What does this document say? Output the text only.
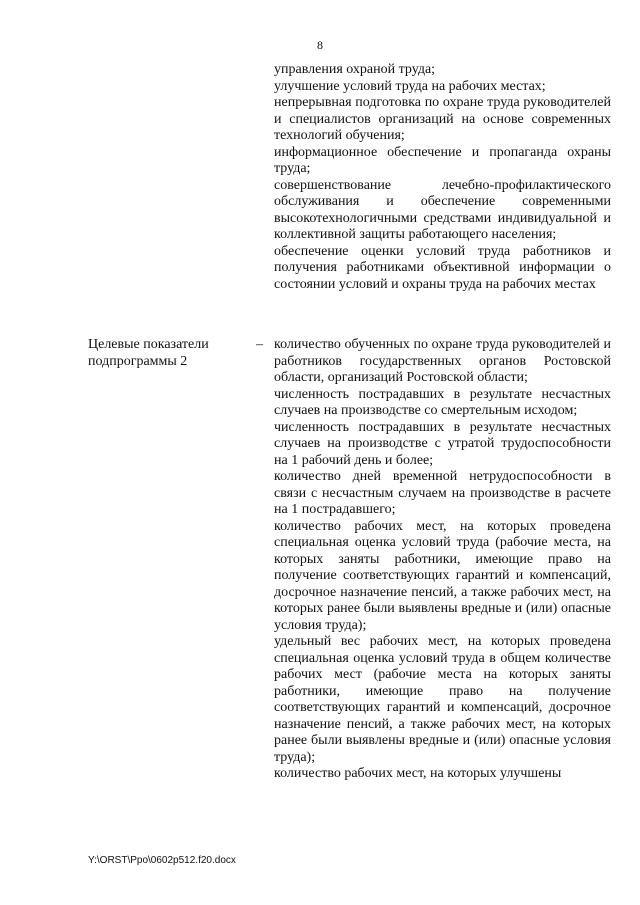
8

управления охраной труда;

улучшение условий труда на рабочих местах;

непрерывная подготовка по охране труда руководителей и специалистов организаций на основе современных технологий обучения;

информационное обеспечение и пропаганда охраны труда;

совершенствование лечебно-профилактического обслуживания и обеспечение современными высокотехнологичными средствами индивидуальной и коллективной защиты работающего населения;

обеспечение оценки условий труда работников и получения работниками объективной информации о состоянии условий и охраны труда на рабочих местах

Целевые показатели подпрограммы 2
– количество обученных по охране труда руководителей и работников государственных органов Ростовской области, организаций Ростовской области;

численность пострадавших в результате несчастных случаев на производстве со смертельным исходом;

численность пострадавших в результате несчастных случаев на производстве с утратой трудоспособности на 1 рабочий день и более;

количество дней временной нетрудоспособности в связи с несчастным случаем на производстве в расчете на 1 пострадавшего;

количество рабочих мест, на которых проведена специальная оценка условий труда (рабочие места, на которых заняты работники, имеющие право на получение соответствующих гарантий и компенсаций, досрочное назначение пенсий, а также рабочих мест, на которых ранее были выявлены вредные и (или) опасные условия труда);

удельный вес рабочих мест, на которых проведена специальная оценка условий труда в общем количестве рабочих мест (рабочие места на которых заняты работники, имеющие право на получение соответствующих гарантий и компенсаций, досрочное назначение пенсий, а также рабочих мест, на которых ранее были выявлены вредные и (или) опасные условия труда);

количество рабочих мест, на которых улучшены

Y:\ORST\Ppo\0602p512.f20.docx
